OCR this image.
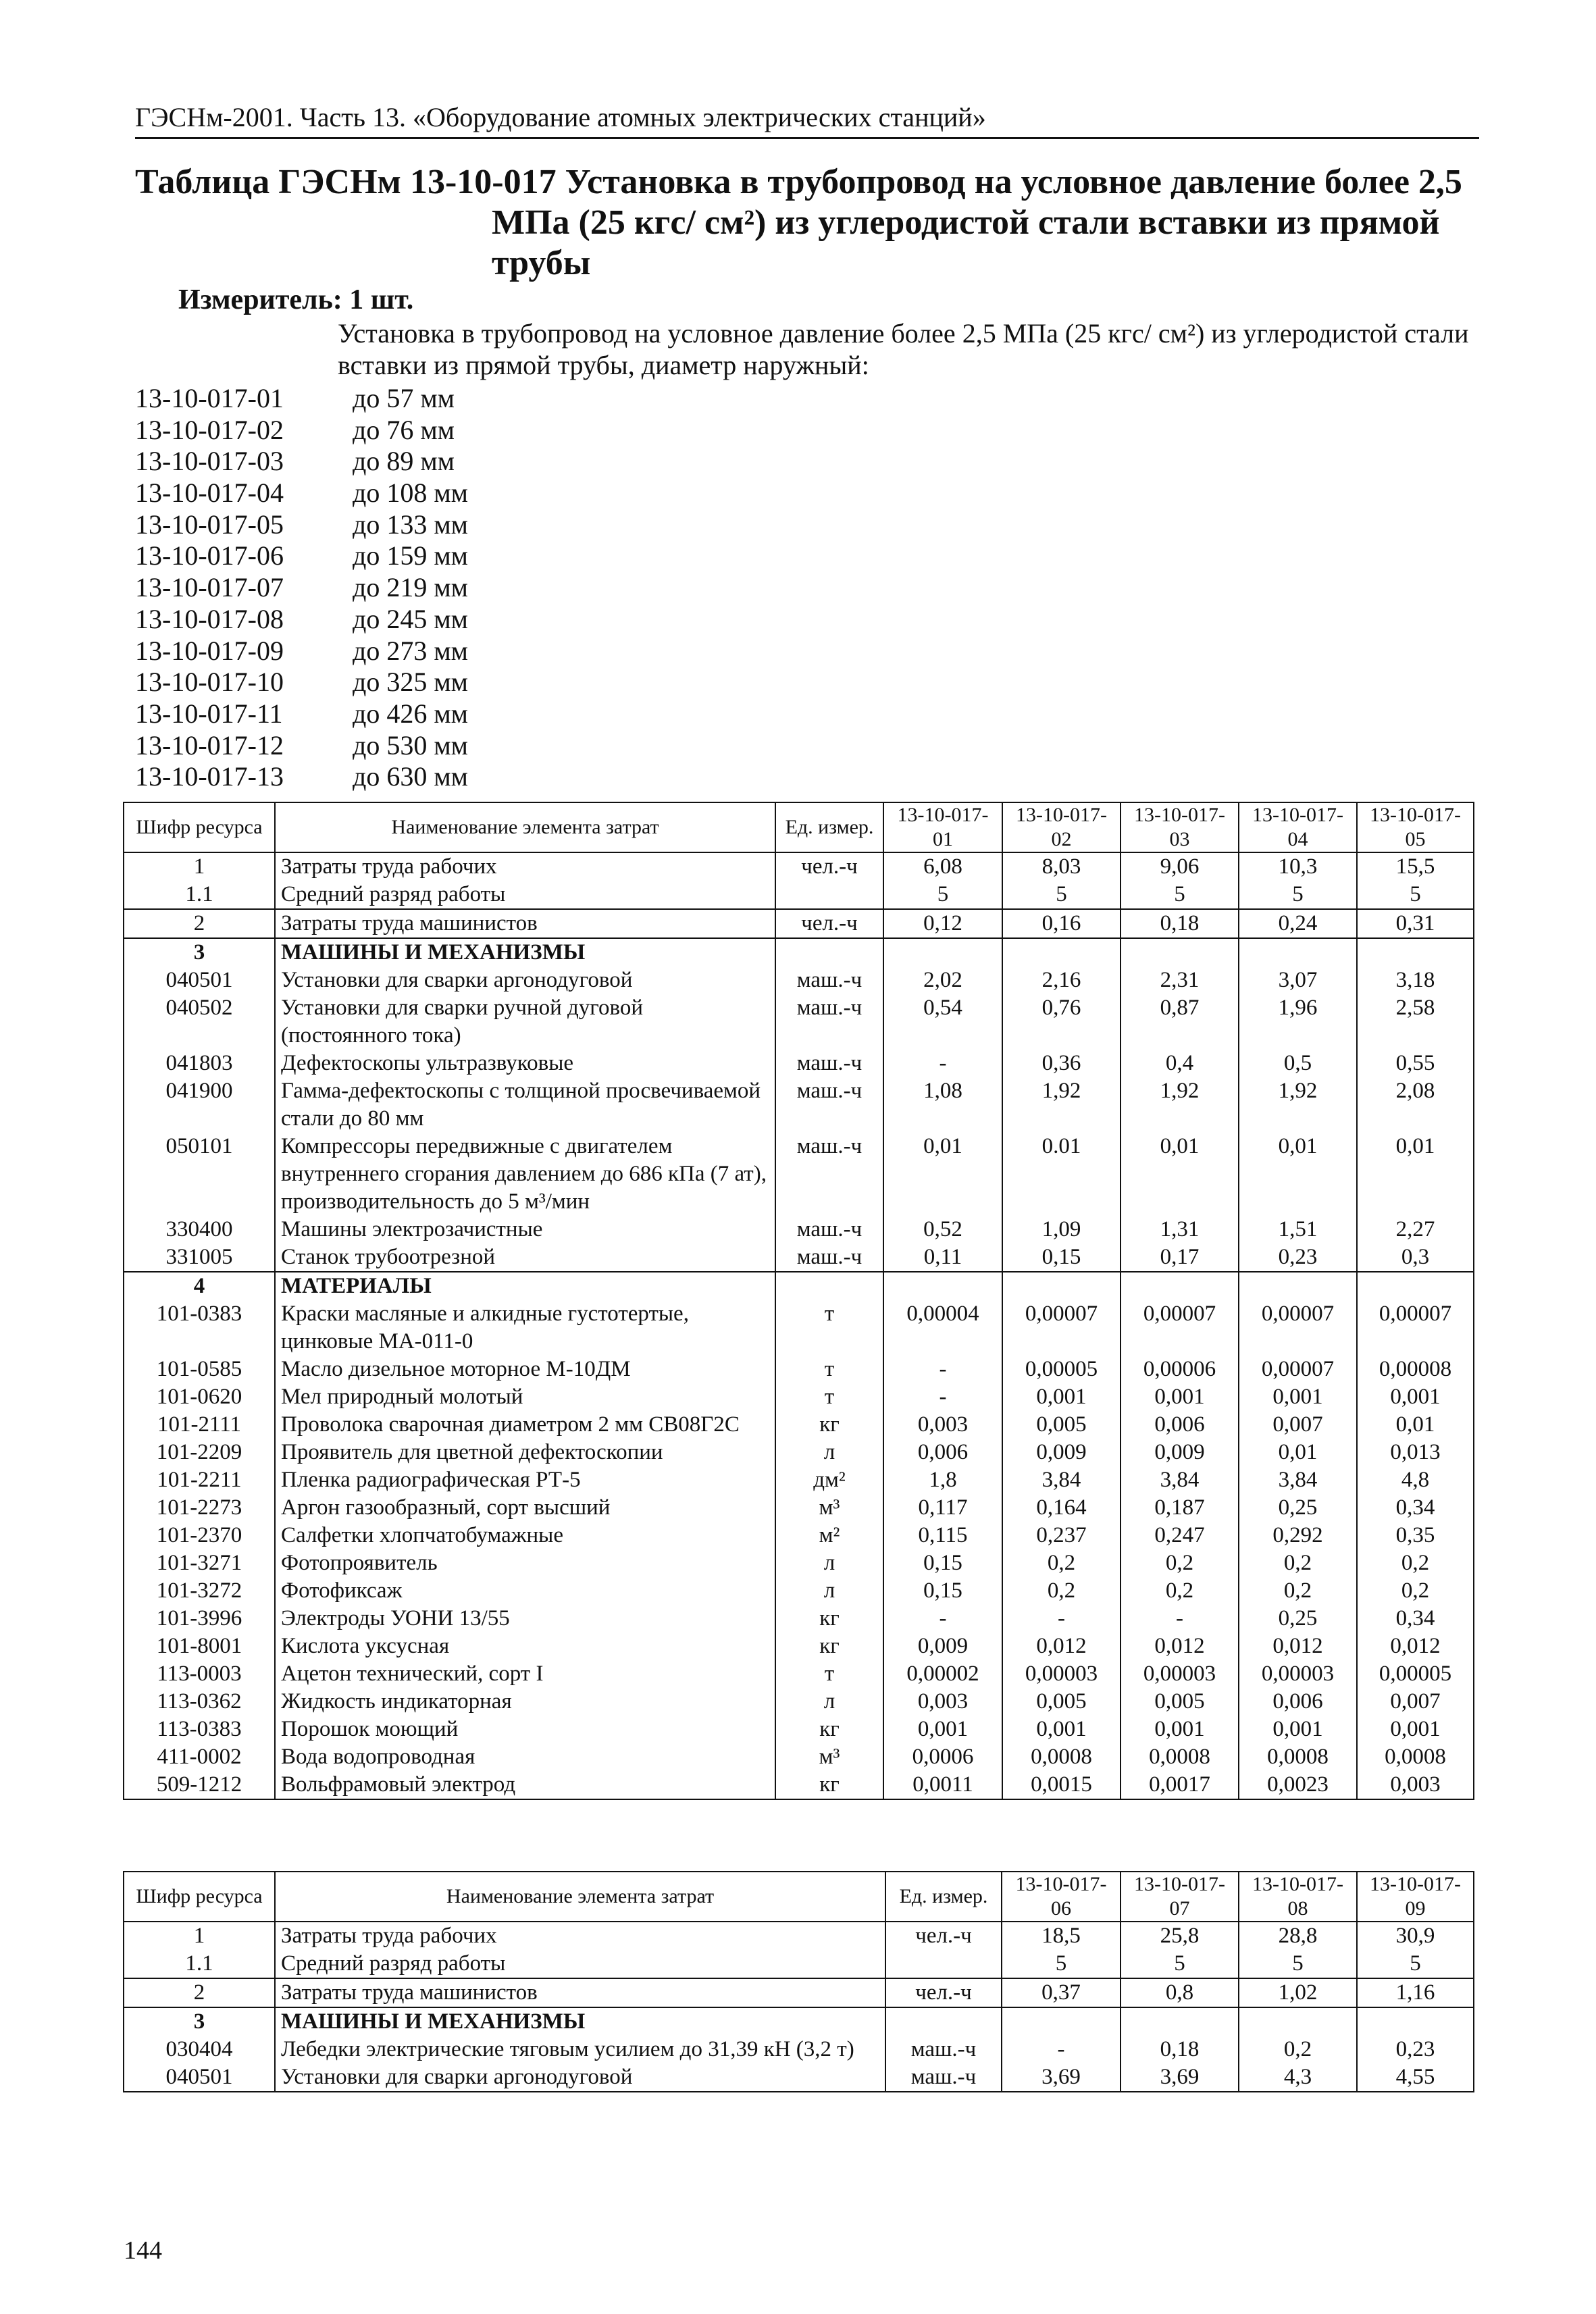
ГЭСНм-2001. Часть 13. «Оборудование атомных электрических станций»
Таблица ГЭСНм 13-10-017 Установка в трубопровод на условное давление более 2,5
МПа (25 кгс/ см²) из углеродистой стали вставки из прямой
трубы
Измеритель: 1 шт.
Установка в трубопровод на условное давление более 2,5 МПа (25 кгс/ см²) из углеродистой стали вставки из прямой трубы, диаметр наружный:
13-10-017-01	до 57 мм
13-10-017-02	до 76 мм
13-10-017-03	до 89 мм
13-10-017-04	до 108 мм
13-10-017-05	до 133 мм
13-10-017-06	до 159 мм
13-10-017-07	до 219 мм
13-10-017-08	до 245 мм
13-10-017-09	до 273 мм
13-10-017-10	до 325 мм
13-10-017-11	до 426 мм
13-10-017-12	до 530 мм
13-10-017-13	до 630 мм
Шифр ресурса	Наименование элемента затрат	Ед. измер.	13-10-017-01	13-10-017-02	13-10-017-03	13-10-017-04	13-10-017-05
1	Затраты труда рабочих	чел.-ч	6,08	8,03	9,06	10,3	15,5
1.1	Средний разряд работы		5	5	5	5	5
2	Затраты труда машинистов	чел.-ч	0,12	0,16	0,18	0,24	0,31
3	МАШИНЫ И МЕХАНИЗМЫ						
040501	Установки для сварки аргонодуговой	маш.-ч	2,02	2,16	2,31	3,07	3,18
040502	Установки для сварки ручной дуговой (постоянного тока)	маш.-ч	0,54	0,76	0,87	1,96	2,58
041803	Дефектоскопы ультразвуковые	маш.-ч	-	0,36	0,4	0,5	0,55
041900	Гамма-дефектоскопы с толщиной просвечиваемой стали до 80 мм	маш.-ч	1,08	1,92	1,92	1,92	2,08
050101	Компрессоры передвижные с двигателем внутреннего сгорания давлением до 686 кПа (7 ат), производительность до 5 м³/мин	маш.-ч	0,01	0.01	0,01	0,01	0,01
330400	Машины электрозачистные	маш.-ч	0,52	1,09	1,31	1,51	2,27
331005	Станок трубоотрезной	маш.-ч	0,11	0,15	0,17	0,23	0,3
4	МАТЕРИАЛЫ						
101-0383	Краски масляные и алкидные густотертые, цинковые МА-011-0	т	0,00004	0,00007	0,00007	0,00007	0,00007
101-0585	Масло дизельное моторное М-10ДМ	т	-	0,00005	0,00006	0,00007	0,00008
101-0620	Мел природный молотый	т	-	0,001	0,001	0,001	0,001
101-2111	Проволока сварочная диаметром 2 мм СВ08Г2С	кг	0,003	0,005	0,006	0,007	0,01
101-2209	Проявитель для цветной дефектоскопии	л	0,006	0,009	0,009	0,01	0,013
101-2211	Пленка радиографическая РТ-5	дм²	1,8	3,84	3,84	3,84	4,8
101-2273	Аргон газообразный, сорт высший	м³	0,117	0,164	0,187	0,25	0,34
101-2370	Салфетки хлопчатобумажные	м²	0,115	0,237	0,247	0,292	0,35
101-3271	Фотопроявитель	л	0,15	0,2	0,2	0,2	0,2
101-3272	Фотофиксаж	л	0,15	0,2	0,2	0,2	0,2
101-3996	Электроды УОНИ 13/55	кг	-	-	-	0,25	0,34
101-8001	Кислота уксусная	кг	0,009	0,012	0,012	0,012	0,012
113-0003	Ацетон технический, сорт I	т	0,00002	0,00003	0,00003	0,00003	0,00005
113-0362	Жидкость индикаторная	л	0,003	0,005	0,005	0,006	0,007
113-0383	Порошок моющий	кг	0,001	0,001	0,001	0,001	0,001
411-0002	Вода водопроводная	м³	0,0006	0,0008	0,0008	0,0008	0,0008
509-1212	Вольфрамовый электрод	кг	0,0011	0,0015	0,0017	0,0023	0,003
Шифр ресурса	Наименование элемента затрат	Ед. измер.	13-10-017-06	13-10-017-07	13-10-017-08	13-10-017-09
1	Затраты труда рабочих	чел.-ч	18,5	25,8	28,8	30,9
1.1	Средний разряд работы		5	5	5	5
2	Затраты труда машинистов	чел.-ч	0,37	0,8	1,02	1,16
3	МАШИНЫ И МЕХАНИЗМЫ					
030404	Лебедки электрические тяговым усилием до 31,39 кН (3,2 т)	маш.-ч	-	0,18	0,2	0,23
040501	Установки для сварки аргонодуговой	маш.-ч	3,69	3,69	4,3	4,55
144
